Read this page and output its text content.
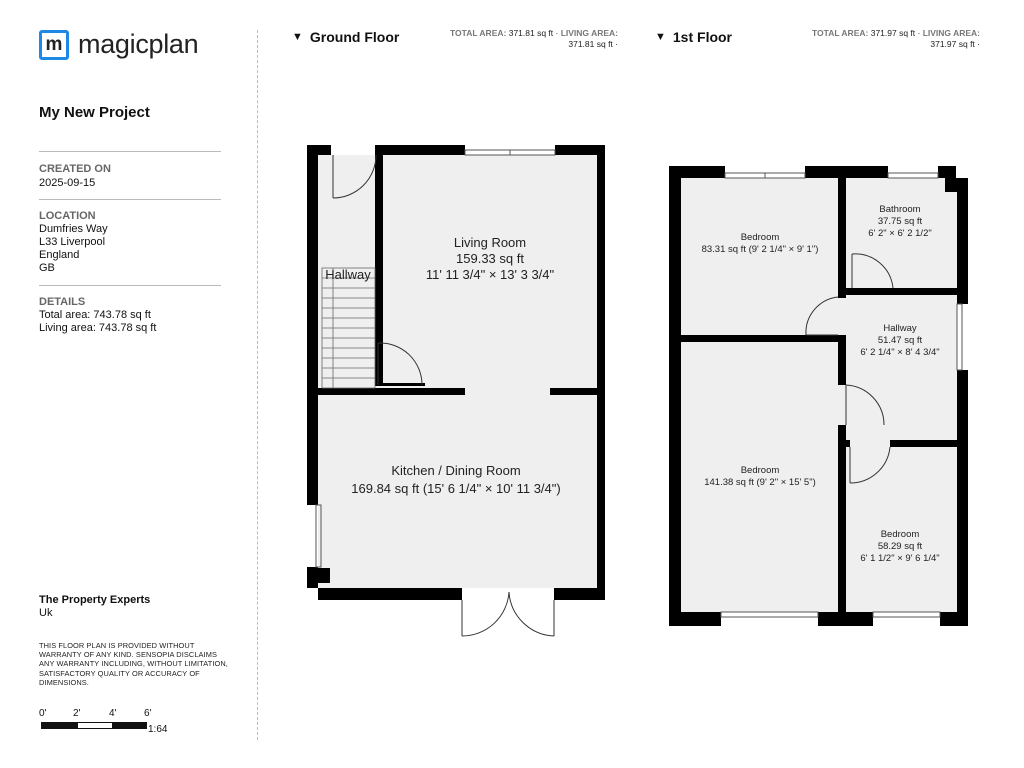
m magicplan
My New Project
CREATED ON
2025-09-15
LOCATION
Dumfries Way
L33 Liverpool
England
GB
DETAILS
Total area: 743.78 sq ft
Living area: 743.78 sq ft
The Property Experts
Uk
THIS FLOOR PLAN IS PROVIDED WITHOUT WARRANTY OF ANY KIND. SENSOPIA DISCLAIMS ANY WARRANTY INCLUDING, WITHOUT LIMITATION, SATISFACTORY QUALITY OR ACCURACY OF DIMENSIONS.
0'	2'	4'	6'
1:64
▼ Ground Floor	TOTAL AREA: 371.81 sq ft · LIVING AREA:
371.81 sq ft ·
▼ 1st Floor	TOTAL AREA: 371.97 sq ft · LIVING AREA:
371.97 sq ft ·
Living Room
159.33 sq ft
11' 11 3/4" × 13' 3 3/4"
Hallway
Kitchen / Dining Room
169.84 sq ft (15' 6 1/4" × 10' 11 3/4")
Bedroom
83.31 sq ft (9' 2 1/4" × 9' 1")
Bathroom
37.75 sq ft
6' 2" × 6' 2 1/2"
Hallway
51.47 sq ft
6' 2 1/4" × 8' 4 3/4"
Bedroom
141.38 sq ft (9' 2" × 15' 5")
Bedroom
58.29 sq ft
6' 1 1/2" × 9' 6 1/4"
